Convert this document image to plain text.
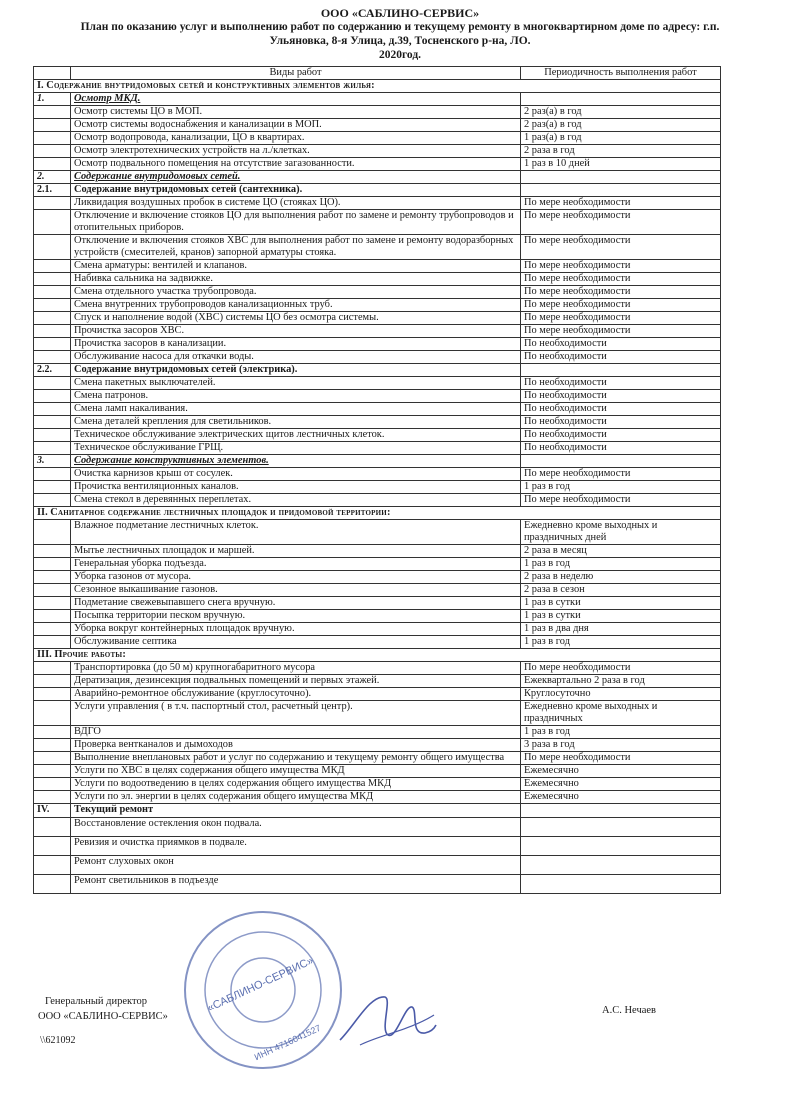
ООО «САБЛИНО-СЕРВИС»
План по оказанию услуг и выполнению работ по содержанию и текущему ремонту в многоквартирном доме по адресу: г.п.
Ульяновка, 8-я Улица, д.39, Тосненского р-на, ЛО.
2020год.
	Виды работ	Периодичность выполнения работ
I. Содержание внутридомовых сетей и конструктивных элементов жилья:		
1.	Осмотр МКД.	
	Осмотр системы ЦО в МОП.	2 раз(а) в год
	Осмотр системы водоснабжения и канализации в МОП.	2 раз(а) в год
	Осмотр водопровода, канализации, ЦО в квартирах.	1 раз(а) в год
	Осмотр электротехнических устройств на л./клетках.	2 раза в год
	Осмотр подвального помещения на отсутствие загазованности.	1 раз в 10 дней
2.	Содержание внутридомовых сетей.	
2.1.	Содержание внутридомовых сетей (сантехника).	
	Ликвидация воздушных пробок в системе ЦО (стояках ЦО).	По мере необходимости
	Отключение и включение стояков ЦО для выполнения работ по замене и ремонту трубопроводов и отопительных приборов.	По мере необходимости
	Отключение и включения стояков ХВС для выполнения работ по замене и ремонту водоразборных устройств (смесителей, кранов) запорной арматуры стояка.	По мере необходимости
	Смена арматуры: вентилей и клапанов.	По мере необходимости
	Набивка сальника на задвижке.	По мере необходимости
	Смена отдельного участка трубопровода.	По мере необходимости
	Смена внутренних трубопроводов канализационных труб.	По мере необходимости
	Спуск и наполнение водой (ХВС) системы ЦО без осмотра системы.	По мере необходимости
	Прочистка засоров ХВС.	По мере необходимости
	Прочистка засоров в канализации.	По необходимости
	Обслуживание насоса для откачки воды.	По необходимости
2.2.	Содержание внутридомовых сетей (электрика).	
	Смена пакетных выключателей.	По необходимости
	Смена патронов.	По необходимости
	Смена ламп накаливания.	По необходимости
	Смена деталей крепления для светильников.	По необходимости
	Техническое обслуживание электрических щитов лестничных клеток.	По необходимости
	Техническое обслуживание ГРЩ.	По необходимости
3.	Содержание конструктивных элементов.	
	Очистка карнизов крыш от сосулек.	По мере необходимости
	Прочистка вентиляционных каналов.	1 раз в год
	Смена стекол в деревянных переплетах.	По мере необходимости
II. Санитарное содержание лестничных площадок и придомовой территории:		
	Влажное подметание лестничных клеток.	Ежедневно кроме выходных и праздничных дней
	Мытье лестничных площадок и маршей.	2 раза в месяц
	Генеральная уборка подъезда.	1 раз в год
	Уборка газонов от мусора.	2 раза в неделю
	Сезонное выкашивание газонов.	2 раза в сезон
	Подметание свежевыпавшего снега вручную.	1 раз в сутки
	Посыпка территории песком вручную.	1 раз в сутки
	Уборка вокруг контейнерных площадок вручную.	1 раз в два дня
	Обслуживание септика	1 раз в год
III. Прочие работы:		
	Транспортировка (до 50 м) крупногабаритного мусора	По мере необходимости
	Дератизация, дезинсекция подвальных помещений и первых этажей.	Ежеквартально 2 раза в год
	Аварийно-ремонтное обслуживание (круглосуточно).	Круглосуточно
	Услуги управления ( в т.ч. паспортный стол, расчетный центр).	Ежедневно кроме выходных и праздничных
	ВДГО	1 раз в год
	Проверка вентканалов и дымоходов	3 раза в год
	Выполнение внеплановых работ и услуг по содержанию и текущему ремонту общего имущества	По мере необходимости
	Услуги по ХВС в целях содержания общего имущества МКД	Ежемесячно
	Услуги по водоотведению в целях содержания общего имущества МКД	Ежемесячно
	Услуги по эл. энергии в целях содержания общего имущества МКД	Ежемесячно
IV.	Текущий ремонт	
	Восстановление остекления окон подвала.	
	Ревизия и очистка приямков в подвале.	
	Ремонт слуховых окон	
	Ремонт светильников в подъезде	
«САБЛИНО-СЕРВИС»
ИНН 4716041527
Генеральный директор
ООО «САБЛИНО-СЕРВИС»
А.С. Нечаев
\\621092
